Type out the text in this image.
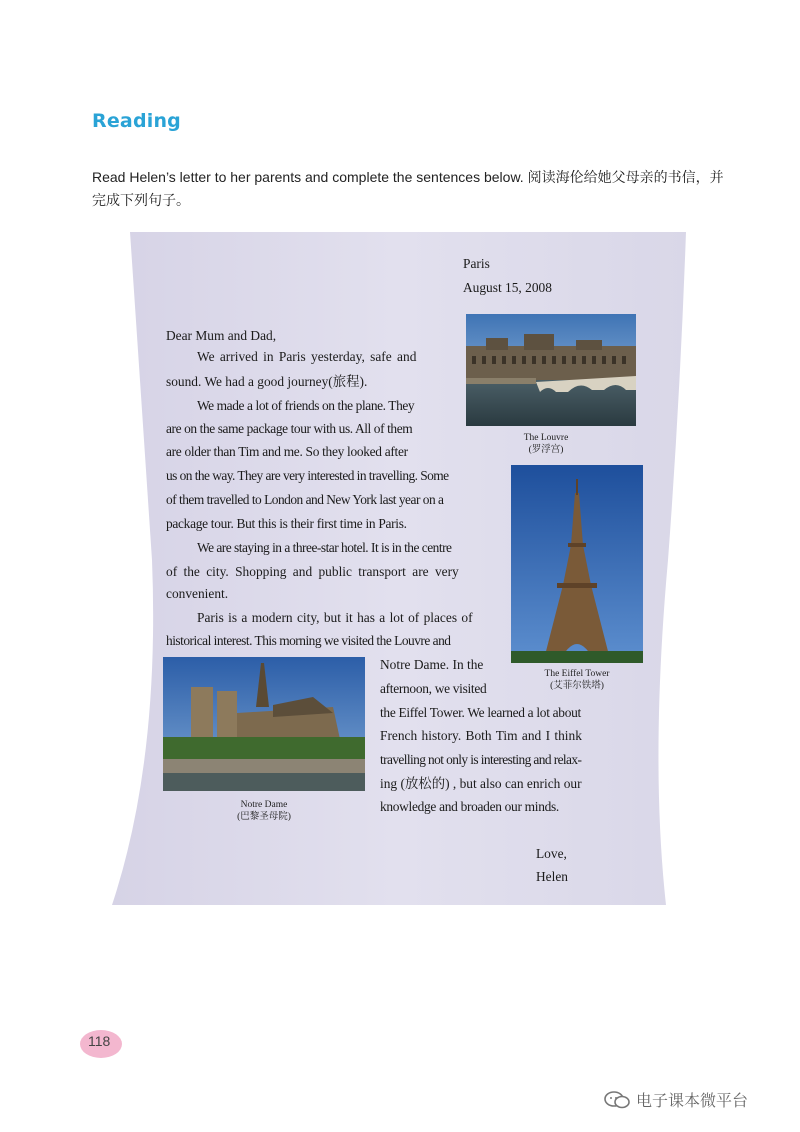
Reading
Read Helen’s letter to her parents and complete the sentences below. 阅读海伦给她父母亲的书信，并完成下列句子。
Paris
August 15, 2008
Dear Mum and Dad,
We arrived in Paris yesterday, safe and
sound. We had a good journey(旅程).
We made a lot of friends on the plane. They
are on the same package tour with us. All of them
are older than Tim and me. So they looked after
us on the way. They are very interested in travelling. Some
of them travelled to London and New York last year on a
package tour. But this is their first time in Paris.
We are staying in a three-star hotel. It is in the centre
of the city. Shopping and public transport are very
convenient.
Paris is a modern city, but it has a lot of places of
historical interest. This morning we visited the Louvre and
Notre Dame. In the
afternoon, we visited
the Eiffel Tower. We learned a lot about
French history. Both Tim and I think
travelling not only is interesting and relax-
ing (放松的) , but also can enrich our
knowledge and broaden our minds.
Love,
Helen
The Louvre
(罗浮宫)
The Eiffel Tower
(艾菲尔铁塔)
Notre Dame
(巴黎圣母院)
118
电子课本微平台
